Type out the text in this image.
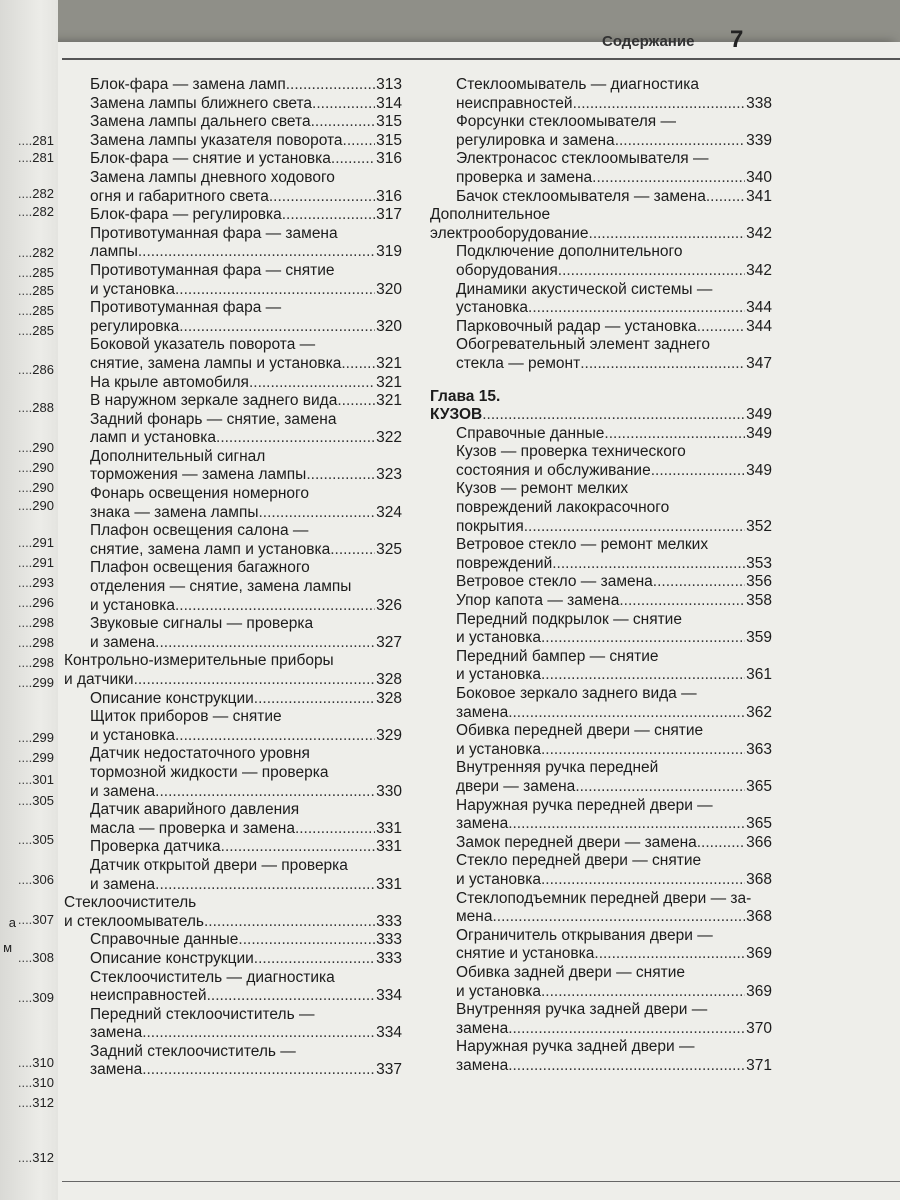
....281
....281
....282
....282
....282
....285
....285
....285
....285
....286
....288
....290
....290
....290
....290
....291
....291
....293
....296
....298
....298
....298
....299
....299
....299
....301
....305
....305
....306
....307
....308
....309
....310
....310
....312
....312
а
м
Содержание 7
Блок-фара — замена ламп .....	313
Замена лампы ближнего света .....	314
Замена лампы дальнего света .....	315
Замена лампы указателя поворота ..... 315
Блок-фара — снятие и установка .....	316
Замена лампы дневного ходового
огня и габаритного света .....	316
Блок-фара — регулировка .....	317
Противотуманная фара — замена
лампы .....	319
Противотуманная фара — снятие
и установка .....	320
Противотуманная фара —
регулировка .....	320
Боковой указатель поворота —
снятие, замена лампы и установка ..... 321
На крыле автомобиля .....	321
В наружном зеркале заднего вида .....	321
Задний фонарь — снятие, замена
ламп и установка .....	322
Дополнительный сигнал
торможения — замена лампы .....	323
Фонарь освещения номерного
знака — замена лампы .....	324
Плафон освещения салона —
снятие, замена ламп и установка .....	325
Плафон освещения багажного
отделения — снятие, замена лампы
и установка .....	326
Звуковые сигналы — проверка
и замена .....	327
Контрольно-измерительные приборы
и датчики .....	328
Описание конструкции .....	328
Щиток приборов — снятие
и установка .....	329
Датчик недостаточного уровня
тормозной жидкости — проверка
и замена .....	330
Датчик аварийного давления
масла — проверка и замена .....	331
Проверка датчика .....	331
Датчик открытой двери — проверка
и замена .....	331
Стеклоочиститель
и стеклоомыватель .....	333
Справочные данные .....	333
Описание конструкции .....	333
Стеклоочиститель — диагностика
неисправностей .....	334
Передний стеклоочиститель —
замена .....	334
Задний стеклоочиститель —
замена .....	337
Стеклоомыватель — диагностика
неисправностей .....	338
Форсунки стеклоомывателя —
регулировка и замена .....	339
Электронасос стеклоомывателя —
проверка и замена .....	340
Бачок стеклоомывателя — замена .....	341
Дополнительное
электрооборудование .....	342
Подключение дополнительного
оборудования .....	342
Динамики акустической системы —
установка .....	344
Парковочный радар — установка .....	344
Обогревательный элемент заднего
стекла — ремонт .....	347
Глава 15.
КУЗОВ .....	349
Справочные данные .....	349
Кузов — проверка технического
состояния и обслуживание .....	349
Кузов — ремонт мелких
повреждений лакокрасочного
покрытия .....	352
Ветровое стекло — ремонт мелких
повреждений .....	353
Ветровое стекло — замена .....	356
Упор капота — замена .....	358
Передний подкрылок — снятие
и установка .....	359
Передний бампер — снятие
и установка .....	361
Боковое зеркало заднего вида —
замена .....	362
Обивка передней двери — снятие
и установка .....	363
Внутренняя ручка передней
двери — замена .....	365
Наружная ручка передней двери —
замена .....	365
Замок передней двери — замена .....	366
Стекло передней двери — снятие
и установка .....	368
Стеклоподъемник передней двери — за-
мена .....	368
Ограничитель открывания двери —
снятие и установка .....	369
Обивка задней двери — снятие
и установка .....	369
Внутренняя ручка задней двери —
замена .....	370
Наружная ручка задней двери —
замена .....	371
